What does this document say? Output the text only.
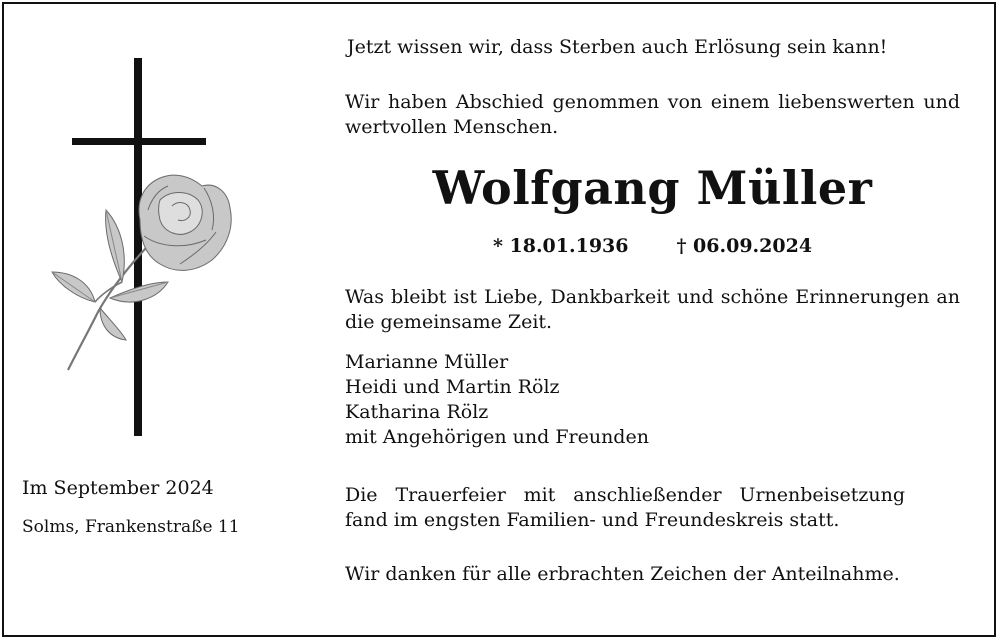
Jetzt wissen wir, dass Sterben auch Erlösung sein kann!

Wir haben Abschied genommen von einem liebenswerten und wertvollen Menschen.

Wolfgang Müller
* 18.01.1936	† 06.09.2024

Was bleibt ist Liebe, Dankbarkeit und schöne Erinnerungen an die gemeinsame Zeit.

Marianne Müller

Heidi und Martin Rölz

Katharina Rölz

mit Angehörigen und Freunden

Die Trauerfeier mit anschließender Urnenbeisetzung fand im engsten Familien- und Freundeskreis statt.

Wir danken für alle erbrachten Zeichen der Anteilnahme.

Im September 2024

Solms, Frankenstraße 11
